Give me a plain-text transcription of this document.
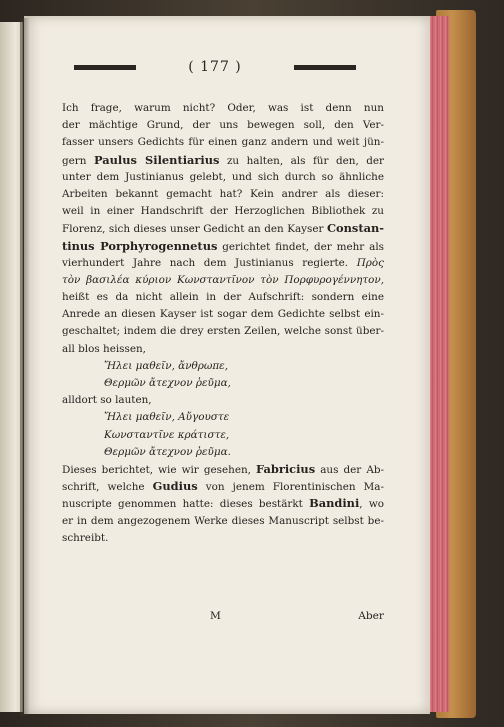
( 177 )
Ich frage, warum nicht? Oder, was ist denn nun
der mächtige Grund, der uns bewegen soll, den Ver-
fasser unsers Gedichts für einen ganz andern und weit jün-
gern Paulus Silentiarius zu halten, als für den, der
unter dem Justinianus gelebt, und sich durch so ähnliche
Arbeiten bekannt gemacht hat? Kein andrer als dieser:
weil in einer Handschrift der Herzoglichen Bibliothek zu
Florenz, sich dieses unser Gedicht an den Kayser Constan-
tinus Porphyrogennetus gerichtet findet, der mehr als
vierhundert Jahre nach dem Justinianus regierte. Πρὸς
τὸν βασιλέα κύριον Κωνσταντῖνον τὸν Πορφυρογέννητον,
heißt es da nicht allein in der Aufschrift: sondern eine
Anrede an diesen Kayser ist sogar dem Gedichte selbst ein-
geschaltet; indem die drey ersten Zeilen, welche sonst über-
all blos heissen,
Ἤλει μαθεῖν, ἄνθρωπε,
Θερμῶν ἄτεχνον ῥεῦμα,
alldort so lauten,
Ἤλει μαθεῖν, Αὔγουστε
Κωνσταντῖνε κράτιστε,
Θερμῶν ἄτεχνον ῥεῦμα.
Dieses berichtet, wie wir gesehen, Fabricius aus der Ab-
schrift, welche Gudius von jenem Florentinischen Ma-
nuscripte genommen hatte: dieses bestärkt Bandini, wo
er in dem angezogenem Werke dieses Manuscript selbst be-
schreibt.
M	Aber
